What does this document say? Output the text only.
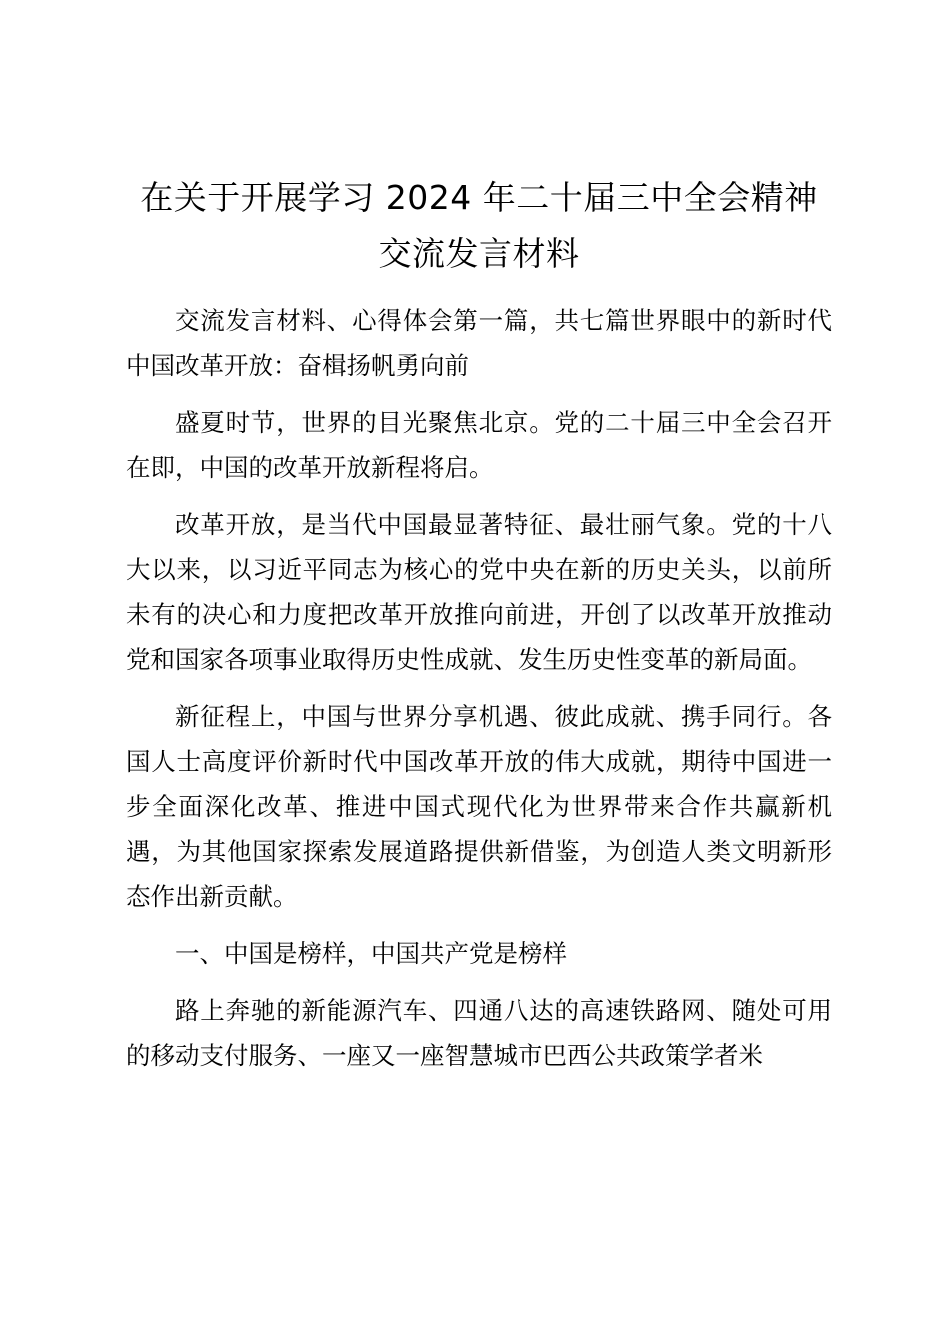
在关于开展学习 2024 年二十届三中全会精神
交流发言材料

交流发言材料、心得体会第一篇，共七篇世界眼中的新时代中国改革开放：奋楫扬帆勇向前

盛夏时节，世界的目光聚焦北京。党的二十届三中全会召开在即，中国的改革开放新程将启。

改革开放，是当代中国最显著特征、最壮丽气象。党的十八大以来，以习近平同志为核心的党中央在新的历史关头，以前所未有的决心和力度把改革开放推向前进，开创了以改革开放推动党和国家各项事业取得历史性成就、发生历史性变革的新局面。

新征程上，中国与世界分享机遇、彼此成就、携手同行。各国人士高度评价新时代中国改革开放的伟大成就，期待中国进一步全面深化改革、推进中国式现代化为世界带来合作共赢新机遇，为其他国家探索发展道路提供新借鉴，为创造人类文明新形态作出新贡献。

一、中国是榜样，中国共产党是榜样

路上奔驰的新能源汽车、四通八达的高速铁路网、随处可用的移动支付服务、一座又一座智慧城市巴西公共政策学者米
